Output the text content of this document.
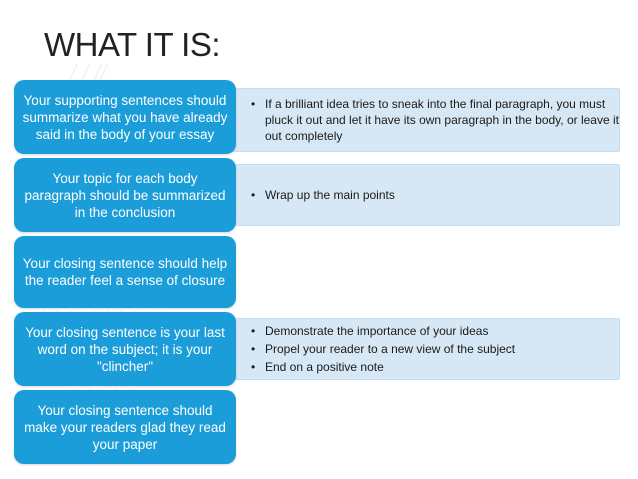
WHAT IT IS:
/ / //
• If a brilliant idea tries to sneak into the final paragraph, you must pluck it out and let it have its own paragraph in the body, or leave it out completely
Your supporting sentences should summarize what you have already said in the body of your essay
• Wrap up the main points
Your topic for each body paragraph should be summarized in the conclusion
Your closing sentence should help the reader feel a sense of closure
• Demonstrate the importance of your ideas
• Propel your reader to a new view of the subject
• End on a positive note
Your closing sentence is your last word on the subject; it is your "clincher"
Your closing sentence should make your readers glad they read your paper
